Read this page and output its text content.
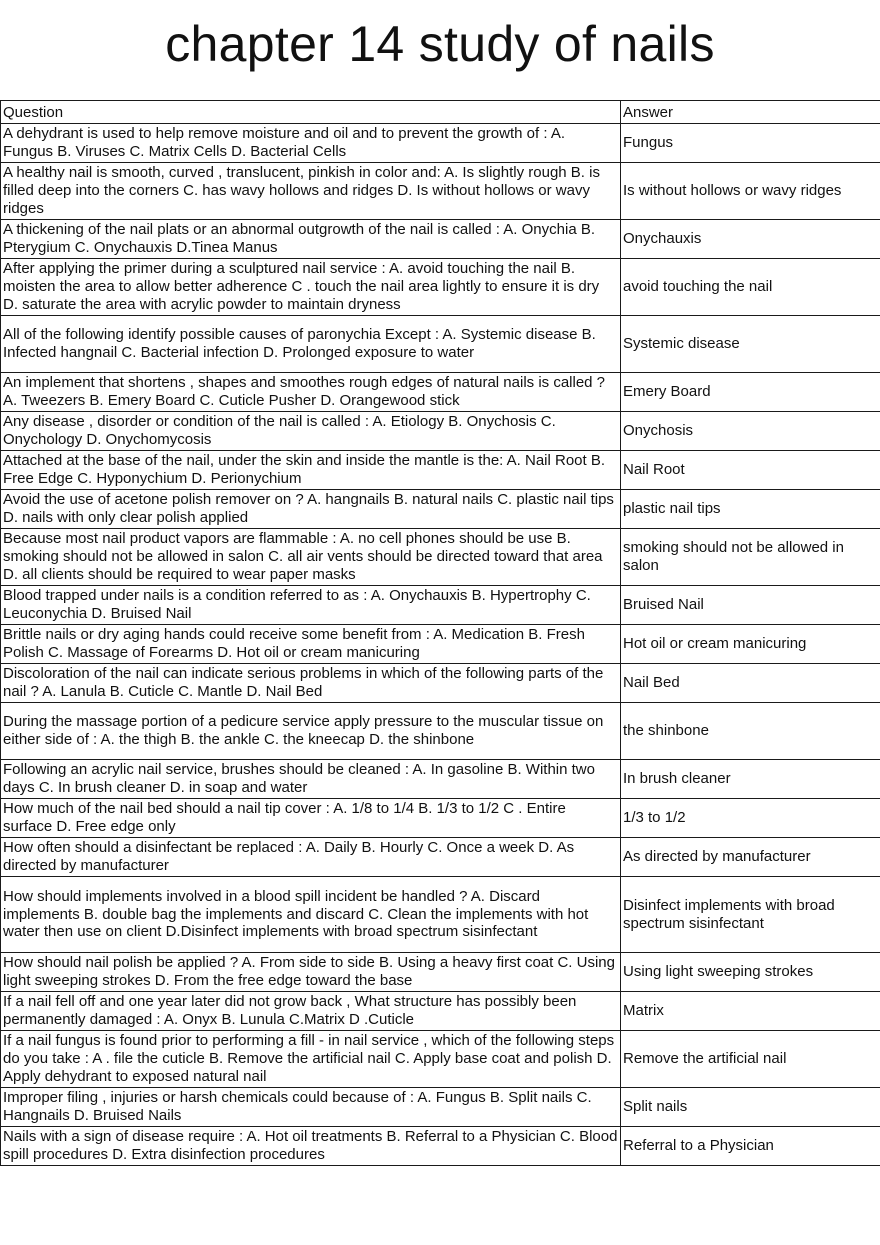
chapter 14 study of nails
Question	Answer
A dehydrant is used to help remove moisture and oil and to prevent the growth of : A. Fungus B. Viruses C. Matrix Cells D. Bacterial Cells	Fungus
A healthy nail is smooth, curved , translucent, pinkish in color and: A. Is slightly rough B. is filled deep into the corners C. has wavy hollows and ridges D. Is without hollows or wavy ridges	Is without hollows or wavy ridges
A thickening of the nail plats or an abnormal outgrowth of the nail is called : A. Onychia B. Pterygium C. Onychauxis D.Tinea Manus	Onychauxis
After applying the primer during a sculptured nail service : A. avoid touching the nail B. moisten the area to allow better adherence C . touch the nail area lightly to ensure it is dry D. saturate the area with acrylic powder to maintain dryness	avoid touching the nail
All of the following identify possible causes of paronychia Except : A. Systemic disease B. Infected hangnail C. Bacterial infection D. Prolonged exposure to water	Systemic disease
An implement that shortens , shapes and smoothes rough edges of natural nails is called ? A. Tweezers B. Emery Board C. Cuticle Pusher D. Orangewood stick	Emery Board
Any disease , disorder or condition of the nail is called : A. Etiology B. Onychosis C. Onychology D. Onychomycosis	Onychosis
Attached at the base of the nail, under the skin and inside the mantle is the: A. Nail Root B. Free Edge C. Hyponychium D. Perionychium	Nail Root
Avoid the use of acetone polish remover on ? A. hangnails B. natural nails C. plastic nail tips D. nails with only clear polish applied	plastic nail tips
Because most nail product vapors are flammable : A. no cell phones should be use B. smoking should not be allowed in salon C. all air vents should be directed toward that area D. all clients should be required to wear paper masks	smoking should not be allowed in salon
Blood trapped under nails is a condition referred to as : A. Onychauxis B. Hypertrophy C. Leuconychia D. Bruised Nail	Bruised Nail
Brittle nails or dry aging hands could receive some benefit from : A. Medication B. Fresh Polish C. Massage of Forearms D. Hot oil or cream manicuring	Hot oil or cream manicuring
Discoloration of the nail can indicate serious problems in which of the following parts of the nail ? A. Lanula B. Cuticle C. Mantle D. Nail Bed	Nail Bed
During the massage portion of a pedicure service apply pressure to the muscular tissue on either side of : A. the thigh B. the ankle C. the kneecap D. the shinbone	the shinbone
Following an acrylic nail service, brushes should be cleaned : A. In gasoline B. Within two days C. In brush cleaner D. in soap and water	In brush cleaner
How much of the nail bed should a nail tip cover : A. 1/8 to 1/4 B. 1/3 to 1/2 C . Entire surface D. Free edge only	1/3 to 1/2
How often should a disinfectant be replaced : A. Daily B. Hourly C. Once a week D. As directed by manufacturer	As directed by manufacturer
How should implements involved in a blood spill incident be handled ? A. Discard implements B. double bag the implements and discard C. Clean the implements with hot water then use on client D.Disinfect implements with broad spectrum sisinfectant	Disinfect implements with broad spectrum sisinfectant
How should nail polish be applied ? A. From side to side B. Using a heavy first coat C. Using light sweeping strokes D. From the free edge toward the base	Using light sweeping strokes
If a nail fell off and one year later did not grow back , What structure has possibly been permanently damaged : A. Onyx B. Lunula C.Matrix D .Cuticle	Matrix
If a nail fungus is found prior to performing a fill - in nail service , which of the following steps do you take : A . file the cuticle B. Remove the artificial nail C. Apply base coat and polish D. Apply dehydrant to exposed natural nail	Remove the artificial nail
Improper filing , injuries or harsh chemicals could because of : A. Fungus B. Split nails C. Hangnails D. Bruised Nails	Split nails
Nails with a sign of disease require : A. Hot oil treatments B. Referral to a Physician C. Blood spill procedures D. Extra disinfection procedures	Referral to a Physician
